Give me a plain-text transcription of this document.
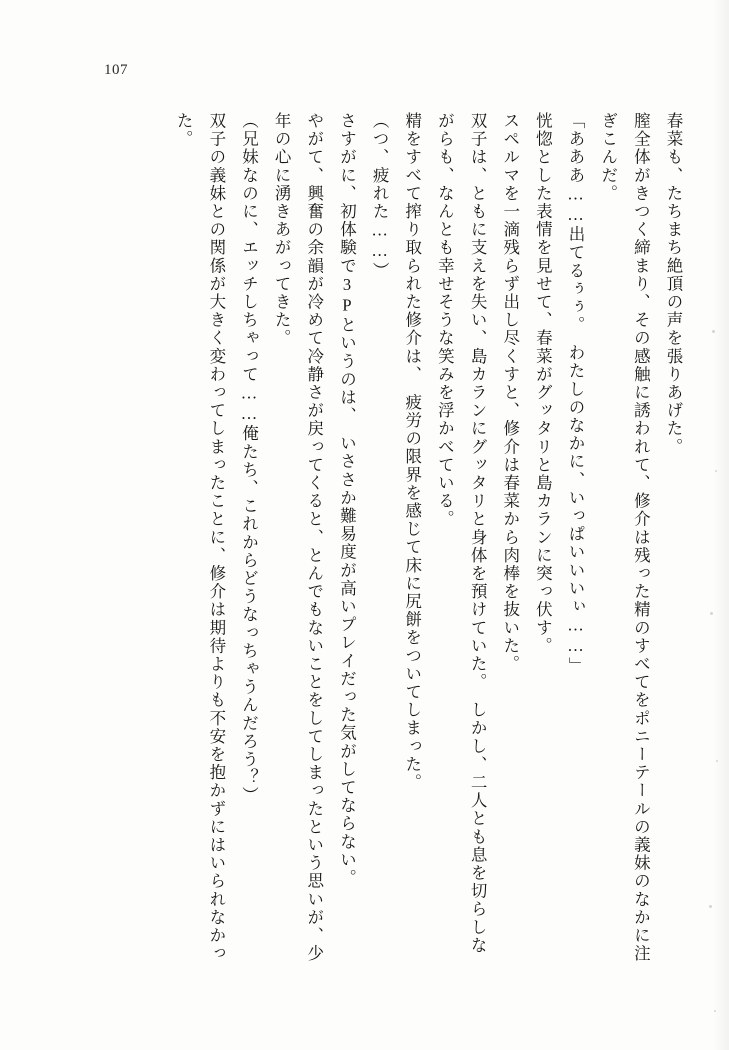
107

春菜も、たちまち絶頂の声を張りあげた。

膣全体がきつく締まり、その感触に誘われて、修介は残った精のすべてをポニーテールの義妹のなかに注ぎこんだ。

「あああ……出てるぅぅ。　わたしのなかに、いっぱいいいぃ……」

恍惚とした表情を見せて、春菜がグッタリと島カランに突っ伏す。

スペルマを一滴残らず出し尽くすと、修介は春菜から肉棒を抜いた。

双子は、ともに支えを失い、島カランにグッタリと身体を預けていた。　しかし、二人とも息を切らしながらも、なんとも幸せそうな笑みを浮かべている。

精をすべて搾り取られた修介は、　疲労の限界を感じて床に尻餅をついてしまった。

（つ、疲れた……）

さすがに、初体験で3Pというのは、　いささか難易度が高いプレイだった気がしてならない。

やがて、興奮の余韻が冷めて冷静さが戻ってくると、とんでもないことをしてしまったという思いが、少年の心に湧きあがってきた。

（兄妹なのに、エッチしちゃって……俺たち、これからどうなっちゃうんだろう？）

双子の義妹との関係が大きく変わってしまったことに、修介は期待よりも不安を抱かずにはいられなかった。
